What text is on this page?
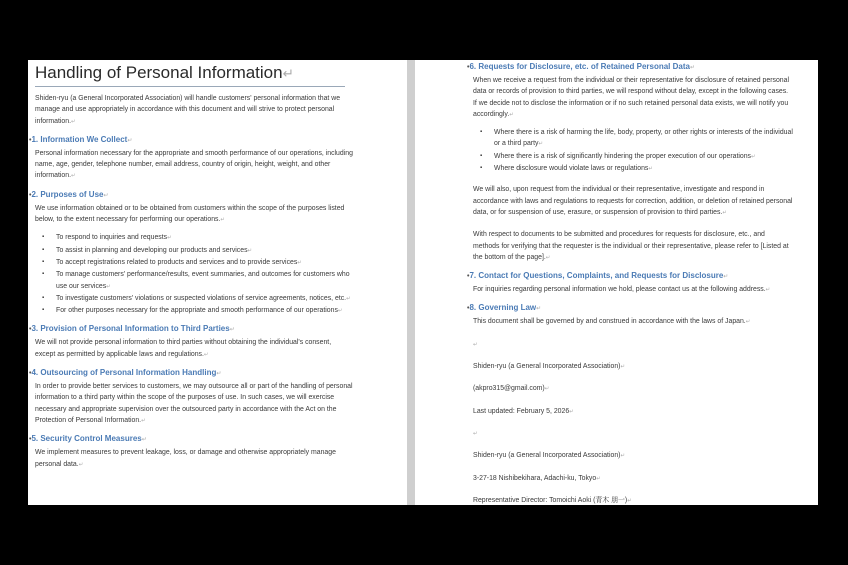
Handling of Personal Information ↵

Shiden-ryu (a General Incorporated Association) will handle customers' personal information that we manage and use appropriately in accordance with this document and will strive to protect personal information. ↵

• 1. Information We Collect ↵

Personal information necessary for the appropriate and smooth performance of our operations, including name, age, gender, telephone number, email address, country of origin, height, weight, and other information. ↵

• 2. Purposes of Use ↵

We use information obtained or to be obtained from customers within the scope of the purposes listed below, to the extent necessary for performing our operations. ↵

▪ To respond to inquiries and requests ↵
▪ To assist in planning and developing our products and services ↵
▪ To accept registrations related to products and services and to provide services ↵
▪ To manage customers' performance/results, event summaries, and outcomes for customers who use our services ↵
▪ To investigate customers' violations or suspected violations of service agreements, notices, etc. ↵
▪ For other purposes necessary for the appropriate and smooth performance of our operations ↵
• 3. Provision of Personal Information to Third Parties ↵

We will not provide personal information to third parties without obtaining the individual's consent, except as permitted by applicable laws and regulations. ↵

• 4. Outsourcing of Personal Information Handling ↵

In order to provide better services to customers, we may outsource all or part of the handling of personal information to a third party within the scope of the purposes of use. In such cases, we will exercise necessary and appropriate supervision over the outsourced party in accordance with the Act on the Protection of Personal Information. ↵

• 5. Security Control Measures ↵

We implement measures to prevent leakage, loss, or damage and otherwise appropriately manage personal data. ↵

• 6. Requests for Disclosure, etc. of Retained Personal Data ↵

When we receive a request from the individual or their representative for disclosure of retained personal data or records of provision to third parties, we will respond without delay, except in the following cases. If we decide not to disclose the information or if no such retained personal data exists, we will notify you accordingly. ↵

▪ Where there is a risk of harming the life, body, property, or other rights or interests of the individual or a third party ↵
▪ Where there is a risk of significantly hindering the proper execution of our operations ↵
▪ Where disclosure would violate laws or regulations ↵

We will also, upon request from the individual or their representative, investigate and respond in accordance with laws and regulations to requests for correction, addition, or deletion of retained personal data, or for suspension of use, erasure, or suspension of provision to third parties. ↵

With respect to documents to be submitted and procedures for requests for disclosure, etc., and methods for verifying that the requester is the individual or their representative, please refer to [Listed at the bottom of the page]. ↵

• 7. Contact for Questions, Complaints, and Requests for Disclosure ↵

For inquiries regarding personal information we hold, please contact us at the following address. ↵

• 8. Governing Law ↵

This document shall be governed by and construed in accordance with the laws of Japan. ↵

↵

Shiden-ryu (a General Incorporated Association) ↵

(akpro315@gmail.com) ↵

Last updated: February 5, 2026 ↵

↵

Shiden-ryu (a General Incorporated Association) ↵

3-27-18 Nishibekihara, Adachi-ku, Tokyo ↵

Representative Director: Tomoichi Aoki (青木 朋一) ↵
